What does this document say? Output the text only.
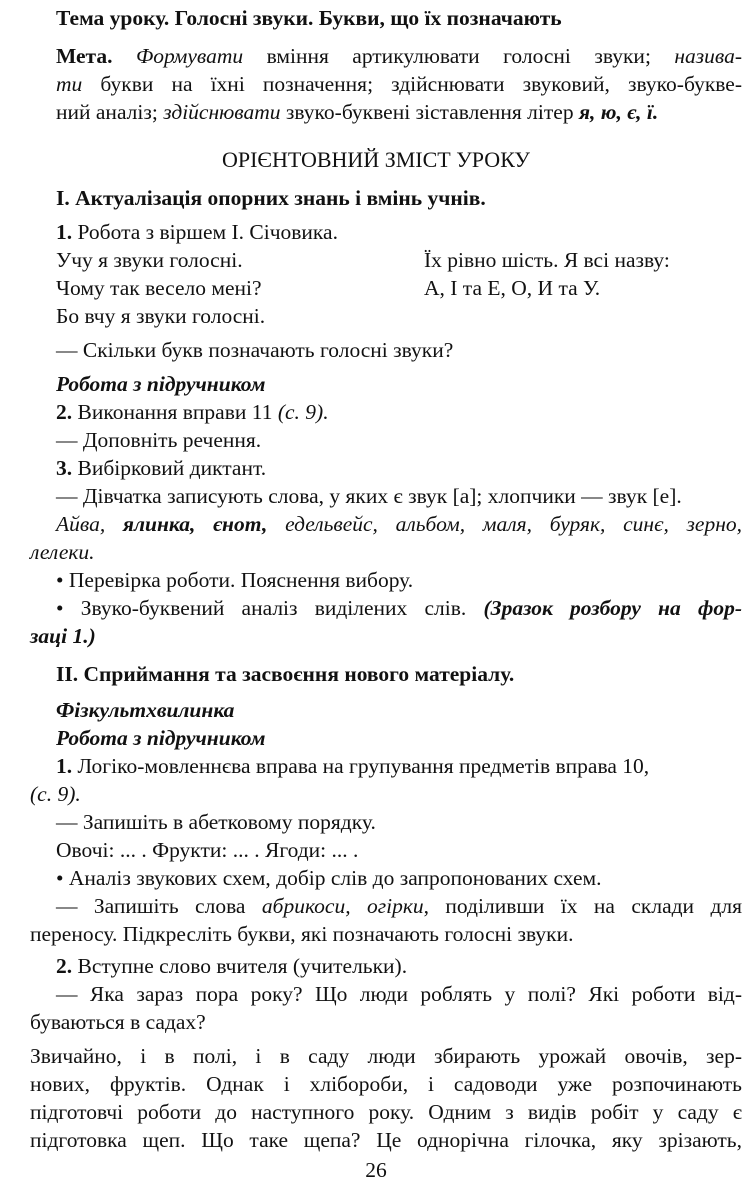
Тема уроку. Голосні звуки. Букви, що їх позначають
Мета. Формувати вміння артикулювати голосні звуки; назива-
ти букви на їхні позначення; здійснювати звуковий, звуко-букве-
ний аналіз; здійснювати звуко-буквені зіставлення літер я, ю, є, ї.
ОРІЄНТОВНИЙ ЗМІСТ УРОКУ
І. Актуалізація опорних знань і вмінь учнів.
1. Робота з віршем І. Січовика.
Учу я звуки голосні.	Їх рівно шість. Я всі назву:
Чому так весело мені?	А, І та Е, О, И та У.
Бо вчу я звуки голосні.
— Скільки букв позначають голосні звуки?
Робота з підручником
2. Виконання вправи 11 (с. 9).
— Доповніть речення.
3. Вибірковий диктант.
— Дівчатка записують слова, у яких є звук [а]; хлопчики — звук [е].
Айва, ялинка, єнот, едельвейс, альбом, маля, буряк, синє, зерно,
лелеки.
• Перевірка роботи. Пояснення вибору.
• Звуко-буквений аналіз виділених слів. (Зразок розбору на фор-
заці 1.)
ІІ. Сприймання та засвоєння нового матеріалу.
Фізкультхвилинка
Робота з підручником
1. Логіко-мовленнєва вправа на групування предметів вправа 10,
(с. 9).
— Запишіть в абетковому порядку.
Овочі: ... . Фрукти: ... . Ягоди: ... .
• Аналіз звукових схем, добір слів до запропонованих схем.
— Запишіть слова абрикоси, огірки, поділивши їх на склади для
переносу. Підкресліть букви, які позначають голосні звуки.
2. Вступне слово вчителя (учительки).
— Яка зараз пора року? Що люди роблять у полі? Які роботи від-
буваються в садах?
Звичайно, і в полі, і в саду люди збирають урожай овочів, зер-
нових, фруктів. Однак і хлібороби, і садоводи уже розпочинають
підготовчі роботи до наступного року. Одним з видів робіт у саду є
підготовка щеп. Що таке щепа? Це однорічна гілочка, яку зрізають,
26
